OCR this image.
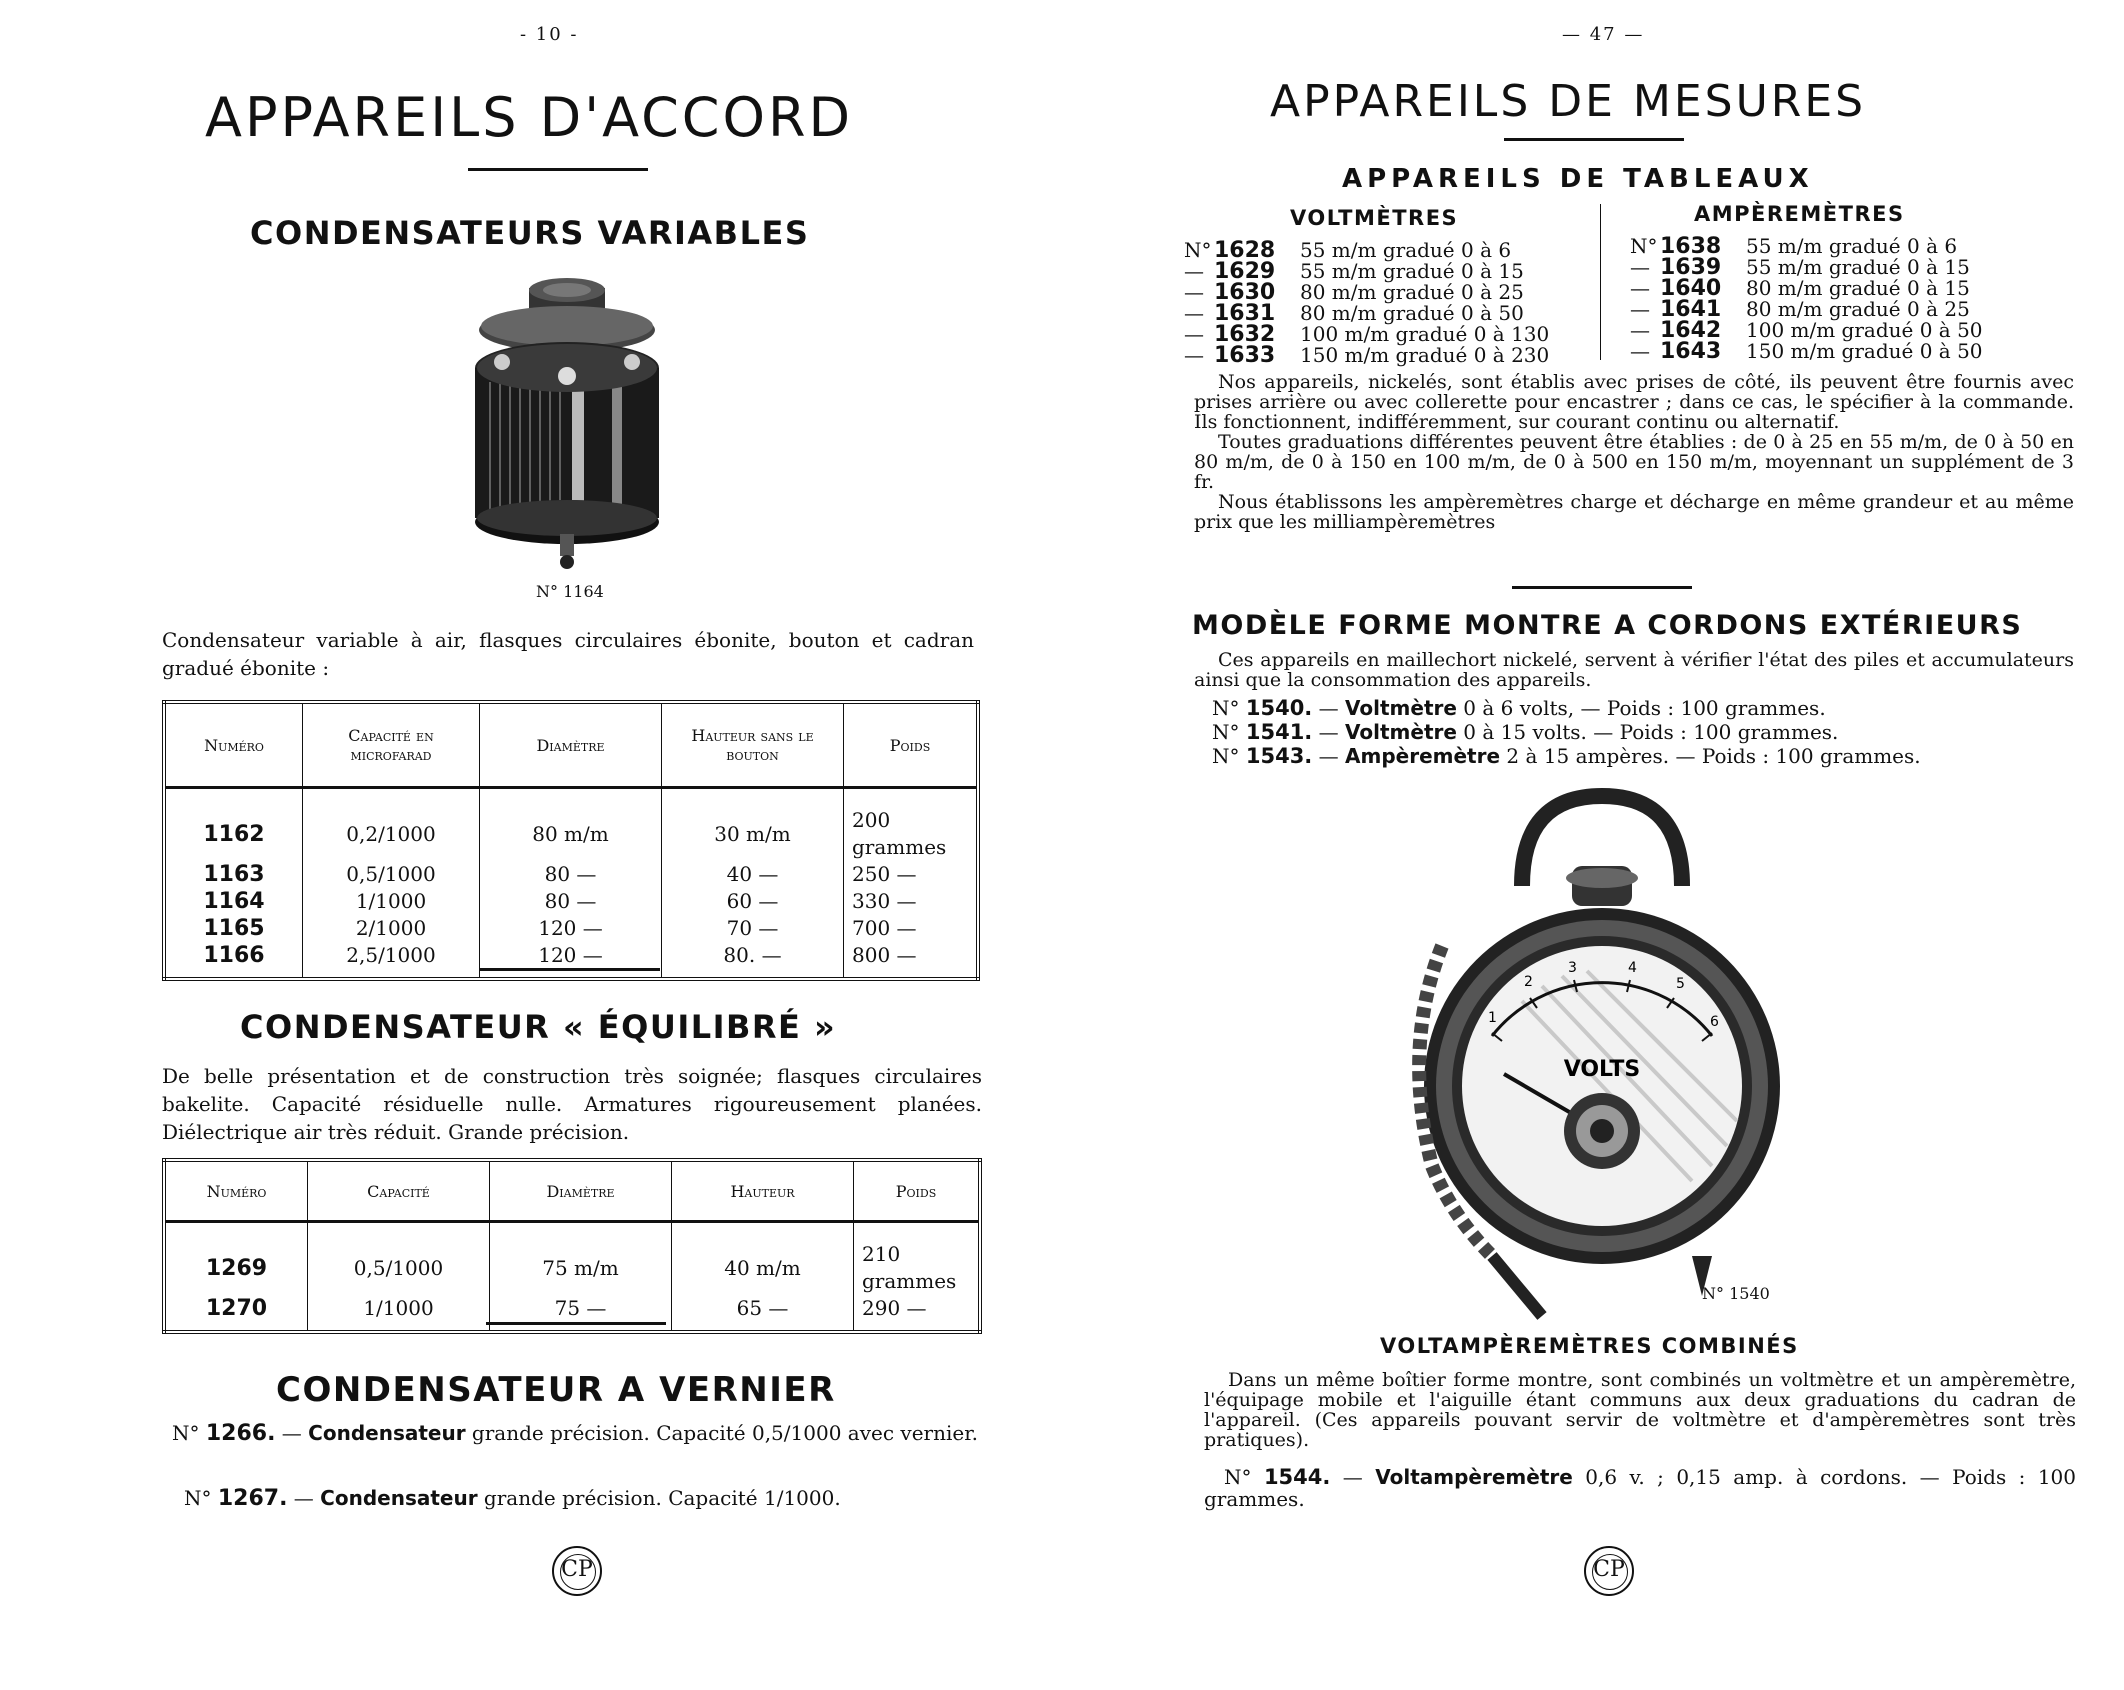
- 10 -
APPAREILS D'ACCORD
CONDENSATEURS VARIABLES
N° 1164
Condensateur variable à air, flasques circulaires ébonite, bouton et cadran gradué ébonite :
Numéro	Capacité en microfarad	Diamètre	Hauteur sans le bouton	Poids
1162	0,2/1000	80 m/m	30 m/m	200 grammes
1163	0,5/1000	80 —	40 —	250 —
1164	1/1000	80 —	60 —	330 —
1165	2/1000	120 —	70 —	700 —
1166	2,5/1000	120 —	80. —	800 —
CONDENSATEUR « ÉQUILIBRÉ »
De belle présentation et de construction très soignée; flasques circulaires bakelite. Capacité résiduelle nulle. Armatures rigoureusement planées. Diélectrique air très réduit. Grande précision.
Numéro	Capacité	Diamètre	Hauteur	Poids
1269	0,5/1000	75 m/m	40 m/m	210 grammes
1270	1/1000	75 —	65 —	290 —
CONDENSATEUR A VERNIER
N° 1266. — Condensateur grande précision. Capacité 0,5/1000 avec vernier.
N° 1267. — Condensateur grande précision. Capacité 1/1000.
CP
— 47 —
APPAREILS DE MESURES
APPAREILS DE TABLEAUX
VOLTMÈTRES	AMPÈREMÈTRES
N° 1628 55 m/m gradué 0 à 6
— 1629 55 m/m gradué 0 à 15
— 1630 80 m/m gradué 0 à 25
— 1631 80 m/m gradué 0 à 50
— 1632 100 m/m gradué 0 à 130
— 1633 150 m/m gradué 0 à 230
N° 1638 55 m/m gradué 0 à 6
— 1639 55 m/m gradué 0 à 15
— 1640 80 m/m gradué 0 à 15
— 1641 80 m/m gradué 0 à 25
— 1642 100 m/m gradué 0 à 50
— 1643 150 m/m gradué 0 à 50
Nos appareils, nickelés, sont établis avec prises de côté, ils peuvent être fournis avec prises arrière ou avec collerette pour encastrer ; dans ce cas, le spécifier à la commande. Ils fonctionnent, indifféremment, sur courant continu ou alternatif.
Toutes graduations différentes peuvent être établies : de 0 à 25 en 55 m/m, de 0 à 50 en 80 m/m, de 0 à 150 en 100 m/m, de 0 à 500 en 150 m/m, moyennant un supplément de 3 fr.
Nous établissons les ampèremètres charge et décharge en même grandeur et au même prix que les milliampèremètres
MODÈLE FORME MONTRE A CORDONS EXTÉRIEURS
Ces appareils en maillechort nickelé, servent à vérifier l'état des piles et accumulateurs ainsi que la consommation des appareils.
N° 1540. — Voltmètre 0 à 6 volts, — Poids : 100 grammes.
N° 1541. — Voltmètre 0 à 15 volts. — Poids : 100 grammes.
N° 1543. — Ampèremètre 2 à 15 ampères. — Poids : 100 grammes.
1
2
3	4
5
6
VOLTS
N° 1540
VOLTAMPÈREMÈTRES COMBINÉS
Dans un même boîtier forme montre, sont combinés un voltmètre et un ampèremètre, l'équipage mobile et l'aiguille étant communs aux deux graduations du cadran de l'appareil. (Ces appareils pouvant servir de voltmètre et d'ampèremètres sont très pratiques).
N° 1544. — Voltampèremètre 0,6 v. ; 0,15 amp. à cordons. — Poids : 100 grammes.
CP
